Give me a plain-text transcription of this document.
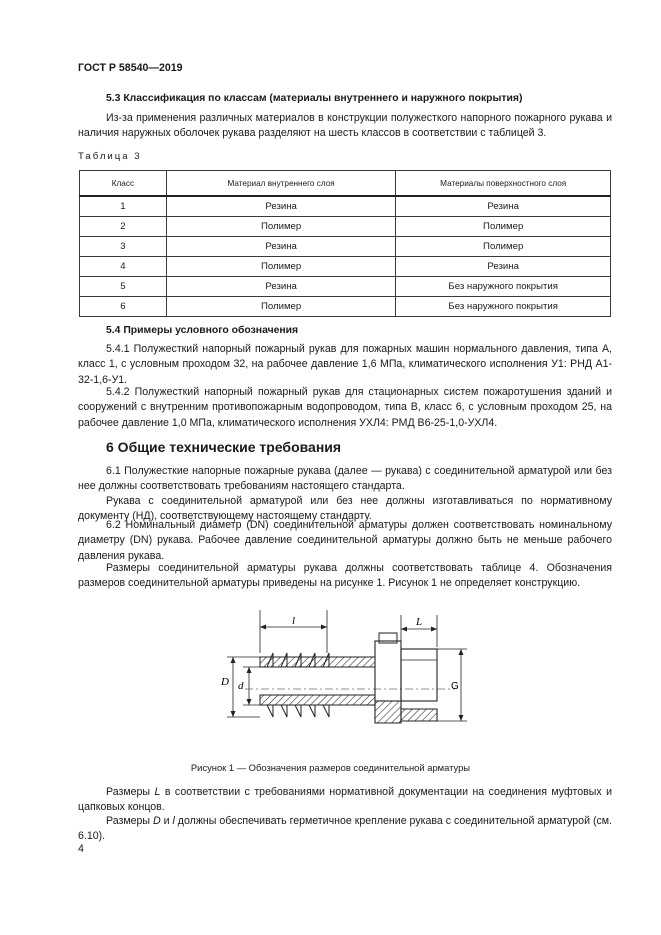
ГОСТ Р 58540—2019
5.3 Классификация по классам (материалы внутреннего и наружного покрытия)
Из-за применения различных материалов в конструкции полужесткого напорного пожарного рукава и наличия наружных оболочек рукава разделяют на шесть классов в соответствии с таблицей 3.
Таблица 3
Класс	Материал внутреннего слоя	Материалы поверхностного слоя
1	Резина	Резина
2	Полимер	Полимер
3	Резина	Полимер
4	Полимер	Резина
5	Резина	Без наружного покрытия
6	Полимер	Без наружного покрытия
5.4 Примеры условного обозначения
5.4.1 Полужесткий напорный пожарный рукав для пожарных машин нормального давления, типа А, класс 1, с условным проходом 32, на рабочее давление 1,6 МПа, климатического исполнения У1: РНД А1-32-1,6-У1.
5.4.2 Полужесткий напорный пожарный рукав для стационарных систем пожаротушения зданий и сооружений с внутренним противопожарным водопроводом, типа В, класс 6, с условным проходом 25, на рабочее давление 1,0 МПа, климатического исполнения УХЛ4: РМД В6-25-1,0-УХЛ4.
6 Общие технические требования
6.1 Полужесткие напорные пожарные рукава (далее — рукава) с соединительной арматурой или без нее должны соответствовать требованиям настоящего стандарта.
Рукава с соединительной арматурой или без нее должны изготавливаться по нормативному документу (НД), соответствующему настоящему стандарту.
6.2 Номинальный диаметр (DN) соединительной арматуры должен соответствовать номинальному диаметру (DN) рукава. Рабочее давление соединительной арматуры должно быть не меньше рабочего давления рукава.
Размеры соединительной арматуры рукава должны соответствовать таблице 4. Обозначения размеров соединительной арматуры приведены на рисунке 1. Рисунок 1 не определяет конструкцию.
l	L
D d	G
Рисунок 1 — Обозначения размеров соединительной арматуры
Размеры L в соответствии с требованиями нормативной документации на соединения муфтовых и цапковых концов.
Размеры D и l должны обеспечивать герметичное крепление рукава с соединительной арматурой (см. 6.10).
4
